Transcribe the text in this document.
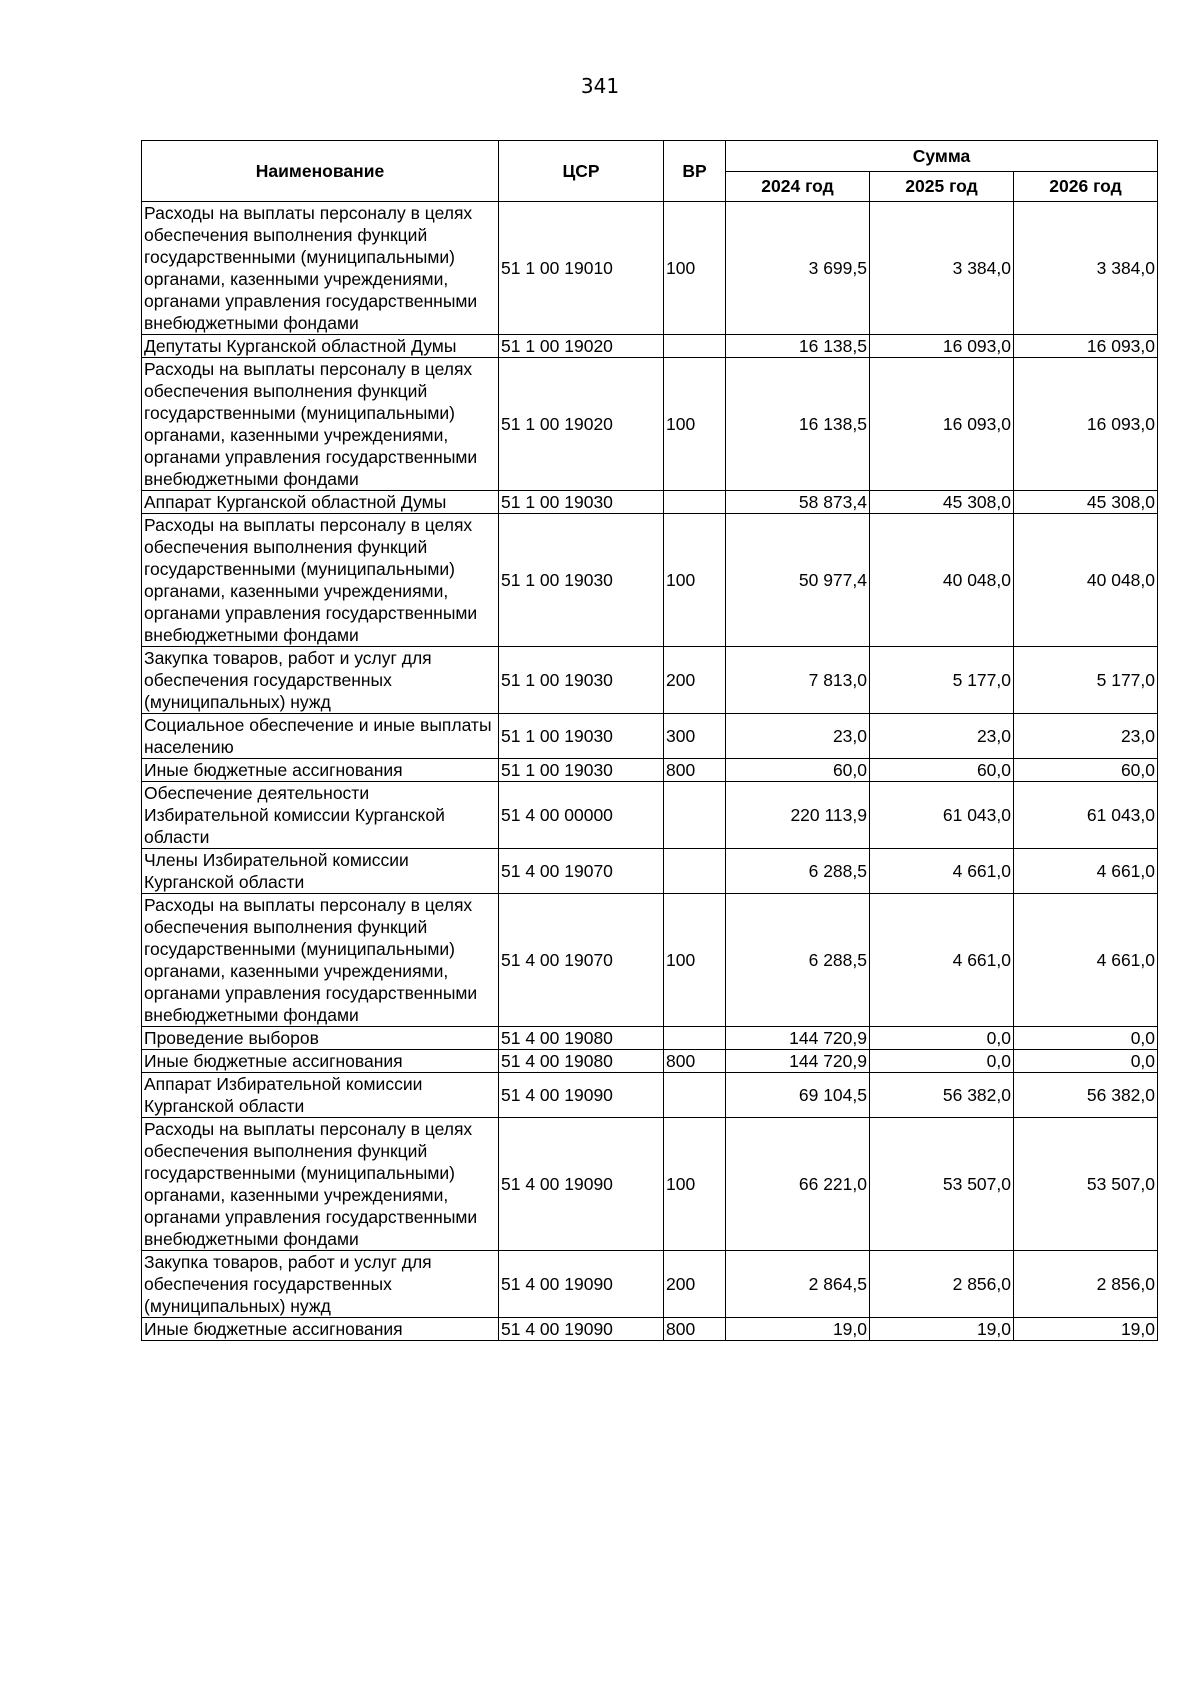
341
Наименование	ЦСР	ВР	Сумма		
			2024 год	2025 год	2026 год
Расходы на выплаты персоналу в целях обеспечения выполнения функций государственными (муниципальными) органами, казенными учреждениями, органами управления государственными внебюджетными фондами	51 1 00 19010	100	3 699,5	3 384,0	3 384,0
Депутаты Курганской областной Думы	51 1 00 19020		16 138,5	16 093,0	16 093,0
Расходы на выплаты персоналу в целях обеспечения выполнения функций государственными (муниципальными) органами, казенными учреждениями, органами управления государственными внебюджетными фондами	51 1 00 19020	100	16 138,5	16 093,0	16 093,0
Аппарат Курганской областной Думы	51 1 00 19030		58 873,4	45 308,0	45 308,0
Расходы на выплаты персоналу в целях обеспечения выполнения функций государственными (муниципальными) органами, казенными учреждениями, органами управления государственными внебюджетными фондами	51 1 00 19030	100	50 977,4	40 048,0	40 048,0
Закупка товаров, работ и услуг для обеспечения государственных (муниципальных) нужд	51 1 00 19030	200	7 813,0	5 177,0	5 177,0
Социальное обеспечение и иные выплаты населению	51 1 00 19030	300	23,0	23,0	23,0
Иные бюджетные ассигнования	51 1 00 19030	800	60,0	60,0	60,0
Обеспечение деятельности Избирательной комиссии Курганской области	51 4 00 00000		220 113,9	61 043,0	61 043,0
Члены Избирательной комиссии Курганской области	51 4 00 19070		6 288,5	4 661,0	4 661,0
Расходы на выплаты персоналу в целях обеспечения выполнения функций государственными (муниципальными) органами, казенными учреждениями, органами управления государственными внебюджетными фондами	51 4 00 19070	100	6 288,5	4 661,0	4 661,0
Проведение выборов	51 4 00 19080		144 720,9	0,0	0,0
Иные бюджетные ассигнования	51 4 00 19080	800	144 720,9	0,0	0,0
Аппарат Избирательной комиссии Курганской области	51 4 00 19090		69 104,5	56 382,0	56 382,0
Расходы на выплаты персоналу в целях обеспечения выполнения функций государственными (муниципальными) органами, казенными учреждениями, органами управления государственными внебюджетными фондами	51 4 00 19090	100	66 221,0	53 507,0	53 507,0
Закупка товаров, работ и услуг для обеспечения государственных (муниципальных) нужд	51 4 00 19090	200	2 864,5	2 856,0	2 856,0
Иные бюджетные ассигнования	51 4 00 19090	800	19,0	19,0	19,0
